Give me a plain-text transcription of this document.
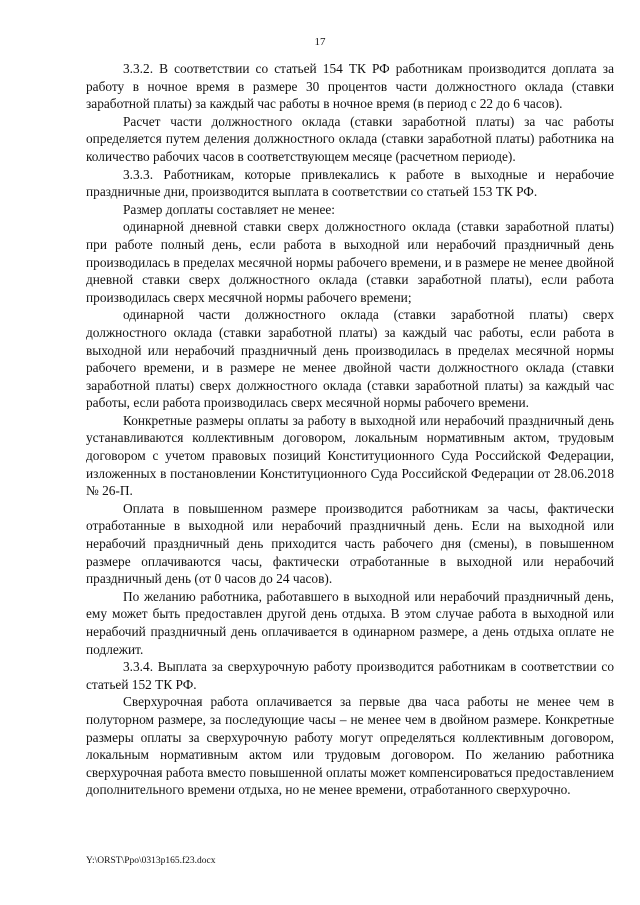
17

3.3.2. В соответствии со статьей 154 ТК РФ работникам производится доплата за работу в ночное время в размере 30 процентов части должностного оклада (ставки заработной платы) за каждый час работы в ночное время (в период с 22 до 6 часов).

Расчет части должностного оклада (ставки заработной платы) за час работы определяется путем деления должностного оклада (ставки заработной платы) работника на количество рабочих часов в соответствующем месяце (расчетном периоде).

3.3.3. Работникам, которые привлекались к работе в выходные и нерабочие праздничные дни, производится выплата в соответствии со статьей 153 ТК РФ.

Размер доплаты составляет не менее:

одинарной дневной ставки сверх должностного оклада (ставки заработной платы) при работе полный день, если работа в выходной или нерабочий праздничный день производилась в пределах месячной нормы рабочего времени, и в размере не менее двойной дневной ставки сверх должностного оклада (ставки заработной платы), если работа производилась сверх месячной нормы рабочего времени;

одинарной части должностного оклада (ставки заработной платы) сверх должностного оклада (ставки заработной платы) за каждый час работы, если работа в выходной или нерабочий праздничный день производилась в пределах месячной нормы рабочего времени, и в размере не менее двойной части должностного оклада (ставки заработной платы) сверх должностного оклада (ставки заработной платы) за каждый час работы, если работа производилась сверх месячной нормы рабочего времени.

Конкретные размеры оплаты за работу в выходной или нерабочий праздничный день устанавливаются коллективным договором, локальным нормативным актом, трудовым договором с учетом правовых позиций Конституционного Суда Российской Федерации, изложенных в постановлении Конституционного Суда Российской Федерации от 28.06.2018 № 26-П.

Оплата в повышенном размере производится работникам за часы, фактически отработанные в выходной или нерабочий праздничный день. Если на выходной или нерабочий праздничный день приходится часть рабочего дня (смены), в повышенном размере оплачиваются часы, фактически отработанные в выходной или нерабочий праздничный день (от 0 часов до 24 часов).

По желанию работника, работавшего в выходной или нерабочий праздничный день, ему может быть предоставлен другой день отдыха. В этом случае работа в выходной или нерабочий праздничный день оплачивается в одинарном размере, а день отдыха оплате не подлежит.

3.3.4. Выплата за сверхурочную работу производится работникам в соответствии со статьей 152 ТК РФ.

Сверхурочная работа оплачивается за первые два часа работы не менее чем в полуторном размере, за последующие часы – не менее чем в двойном размере. Конкретные размеры оплаты за сверхурочную работу могут определяться коллективным договором, локальным нормативным актом или трудовым договором. По желанию работника сверхурочная работа вместо повышенной оплаты может компенсироваться предоставлением дополнительного времени отдыха, но не менее времени, отработанного сверхурочно.

Y:\ORST\Ppo\0313p165.f23.docx
